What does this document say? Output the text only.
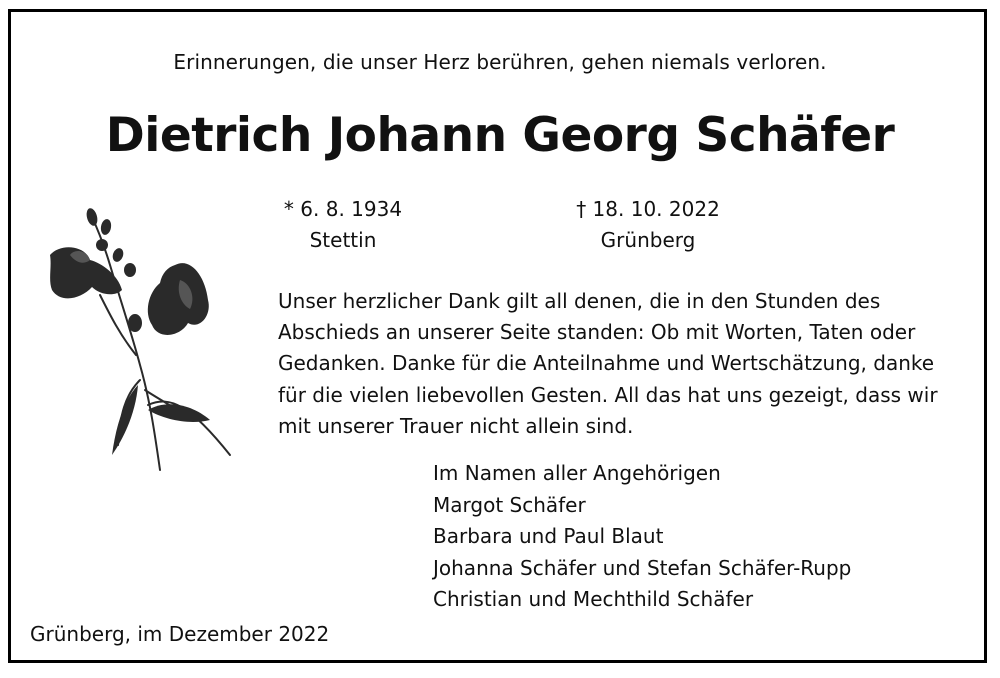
Erinnerungen, die unser Herz berühren, gehen niemals verloren.
Dietrich Johann Georg Schäfer
* 6. 8. 1934
Stettin
† 18. 10. 2022
Grünberg
Unser herzlicher Dank gilt all denen, die in den Stunden des
Abschieds an unserer Seite standen: Ob mit Worten, Taten oder
Gedanken. Danke für die Anteilnahme und Wertschätzung, danke
für die vielen liebevollen Gesten. All das hat uns gezeigt, dass wir
mit unserer Trauer nicht allein sind.
Im Namen aller Angehörigen
Margot Schäfer
Barbara und Paul Blaut
Johanna Schäfer und Stefan Schäfer-Rupp
Christian und Mechthild Schäfer
Grünberg, im Dezember 2022
